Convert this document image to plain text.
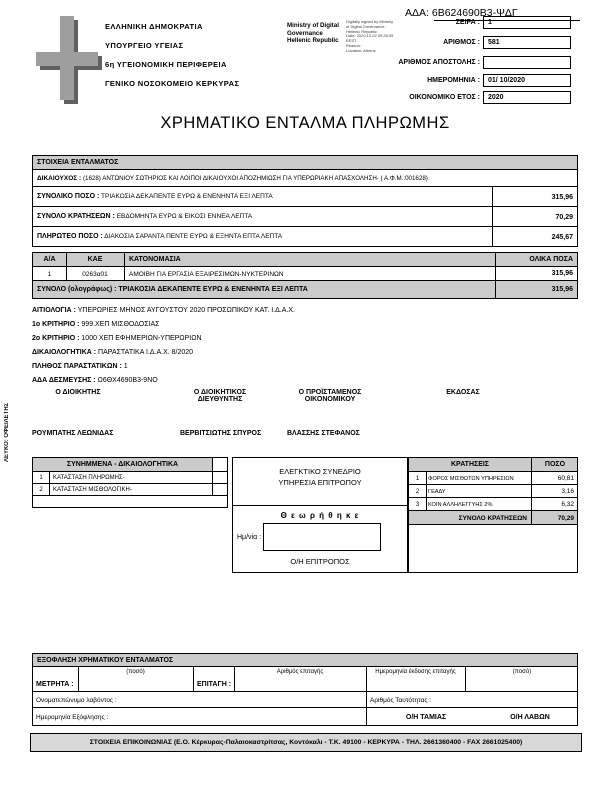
ΛΕΥΚΟ: ΟΦΕΙΛΕΤΗΣ
ΕΛΛΗΝΙΚΗ ΔΗΜΟΚΡΑΤΙΑ
ΥΠΟΥΡΓΕΙΟ ΥΓΕΙΑΣ
6η ΥΓΕΙΟΝΟΜΙΚΗ ΠΕΡΙΦΕΡΕΙΑ
ΓΕΝΙΚΟ ΝΟΣΟΚΟΜΕΙΟ ΚΕΡΚΥΡΑΣ
Ministry of Digital
Governance
Hellenic Republic
Digitally signed by Ministry
of Digital Governance,
Hellenic Republic
Date: 2020.10.02 09:26:35
EEST
Reason:
Location: Athens
ΑΔΑ: 6Β624690Β3-ΨΔΓ
ΣΕΙΡΑ : 1
ΑΡΙΘΜΟΣ : 581
ΑΡΙΘΜΟΣ ΑΠΟΣΤΟΛΗΣ :
ΗΜΕΡΟΜΗΝΙΑ : 01/ 10/2020
ΟΙΚΟΝΟΜΙΚΟ ΕΤΟΣ : 2020
ΧΡΗΜΑΤΙΚΟ ΕΝΤΑΛΜΑ ΠΛΗΡΩΜΗΣ
ΣΤΟΙΧΕΙΑ ΕΝΤΑΛΜΑΤΟΣ
ΔΙΚΑΙΟΥΧΟΣ : (1628) ΑΝΤΩΝΙΟΥ ΣΩΤΗΡΙΟΣ ΚΑΙ ΛΟΙΠΟΙ ΔΙΚΑΙΟΥΧΟΙ ΑΠΟΖΗΜΙΩΣΗ ΓΙΑ ΥΠΕΡΩΡΙΑΚΗ ΑΠΑΣΧΟΛΗΣΗ- ( Α.Φ.Μ.:001628)
ΣΥΝΟΛΙΚΟ ΠΟΣΟ : ΤΡΙΑΚΟΣΙΑ ΔΕΚΑΠΕΝΤΕ ΕΥΡΩ & ΕΝΕΝΗΝΤΑ ΕΞΙ ΛΕΠΤΑ	315,96
ΣΥΝΟΛΟ ΚΡΑΤΗΣΕΩΝ : ΕΒΔΟΜΗΝΤΑ ΕΥΡΩ & ΕΙΚΟΣΙ ΕΝΝΕΑ ΛΕΠΤΑ	70,29
ΠΛΗΡΩΤΕΟ ΠΟΣΟ : ΔΙΑΚΟΣΙΑ ΣΑΡΑΝΤΑ ΠΕΝΤΕ ΕΥΡΩ & ΕΞΗΝΤΑ ΕΠΤΑ ΛΕΠΤΑ	245,67
Α/Α	ΚΑΕ	ΚΑΤΟΝΟΜΑΣΙΑ	ΟΛΙΚΑ ΠΟΣΑ
1	0263α01	ΑΜΟΙΒΗ ΓΙΑ ΕΡΓΑΣΙΑ ΕΞΑΙΡΕΣΙΜΩΝ-ΝΥΚΤΕΡΙΝΩΝ	315,96
ΣΥΝΟΛΟ (ολογράφως) : ΤΡΙΑΚΟΣΙΑ ΔΕΚΑΠΕΝΤΕ ΕΥΡΩ & ΕΝΕΝΗΝΤΑ ΕΞΙ ΛΕΠΤΑ	315,96
ΑΙΤΙΟΛΟΓΙΑ : ΥΠΕΡΩΡΙΕΣ ΜΗΝΟΣ ΑΥΓΟΥΣΤΟΥ 2020 ΠΡΟΣΩΠΙΚΟΥ ΚΑΤ. Ι.Δ.Α.Χ.
1ο ΚΡΙΤΗΡΙΟ : 999.ΧΕΠ ΜΙΣΘΟΔΟΣΙΑΣ
2ο ΚΡΙΤΗΡΙΟ : 1000 ΧΕΠ ΕΦΗΜΕΡΙΩΝ-ΥΠΕΡΩΡΙΩΝ
ΔΙΚΑΙΟΛΟΓΗΤΙΚΑ : ΠΑΡΑΣΤΑΤΙΚΑ Ι.Δ.Α.Χ. 8/2020
ΠΛΗΘΟΣ ΠΑΡΑΣΤΑΤΙΚΩΝ : 1
ΑΔΑ ΔΕΣΜΕΥΣΗΣ : Ω6ΘΧ4690Β3-9ΝΟ
Ο ΔΙΟΙΚΗΤΗΣ	Ο ΔΙΟΙΚΗΤΙΚΟΣ ΔΙΕΥΘΥΝΤΗΣ
Ο ΠΡΟΪΣΤΑΜΕΝΟΣ ΟΙΚΟΝΟΜΙΚΟΥ
ΕΚΔΟΣΑΣ
ΡΟΥΜΠΑΤΗΣ ΛΕΩΝΙΔΑΣ	ΒΕΡΒΙΤΣΙΩΤΗΣ ΣΠΥΡΟΣ	ΒΛΑΣΣΗΣ ΣΤΕΦΑΝΟΣ
ΣΥΝΗΜΜΕΝΑ - ΔΙΚΑΙΟΛΟΓΗΤΙΚΑ
1	ΚΑΤΑΣΤΑΣΗ ΠΛΗΡΩΜΗΣ-
2	ΚΑΤΑΣΤΑΣΗ ΜΙΣΘΟΛΟΓΙΚΗ-
ΕΛΕΓΚΤΙΚΟ ΣΥΝΕΔΡΙΟ
ΥΠΗΡΕΣΙΑ ΕΠΙΤΡΟΠΟΥ
Θ ε ω ρ ή θ η κ ε
Ημ/νία :
Ο/Η ΕΠΙΤΡΟΠΟΣ
ΚΡΑΤΗΣΕΙΣ	ΠΟΣΟ
1	ΦΟΡΟΣ ΜΙΣΘΩΤΩΝ ΥΠΗΡΕΣΙΩΝ	60,81
2	ΓΕΑΔΥ	3,16
3	ΚΟΙΝ ΑΛΛΗΛΕΓΓΥΗΣ 2%	6,32
ΣΥΝΟΛΟ ΚΡΑΤΗΣΕΩΝ	70,29
ΕΞΟΦΛΗΣΗ ΧΡΗΜΑΤΙΚΟΥ ΕΝΤΑΛΜΑΤΟΣ
ΜΕΤΡΗΤΑ :
(ποσό)
ΕΠΙΤΑΓΗ :
Αριθμός επιταγής	Ημερομηνία έκδοσης επιταγής	(ποσό)
Ονοματεπώνυμο λαβόντος :	Αριθμός Ταυτότητας :
Ημερομηνία Εξόφλησης :	Ο/Η ΤΑΜΙΑΣ	Ο/Η ΛΑΒΩΝ
ΣΤΟΙΧΕΙΑ ΕΠΙΚΟΙΝΩΝΙΑΣ (Ε.Ο. Κέρκυρας-Παλαιοκαστρίτσας, Κοντόκαλι - Τ.Κ. 49100 - ΚΕΡΚΥΡΑ - ΤΗΛ. 2661360400 - FAX 2661025400)
